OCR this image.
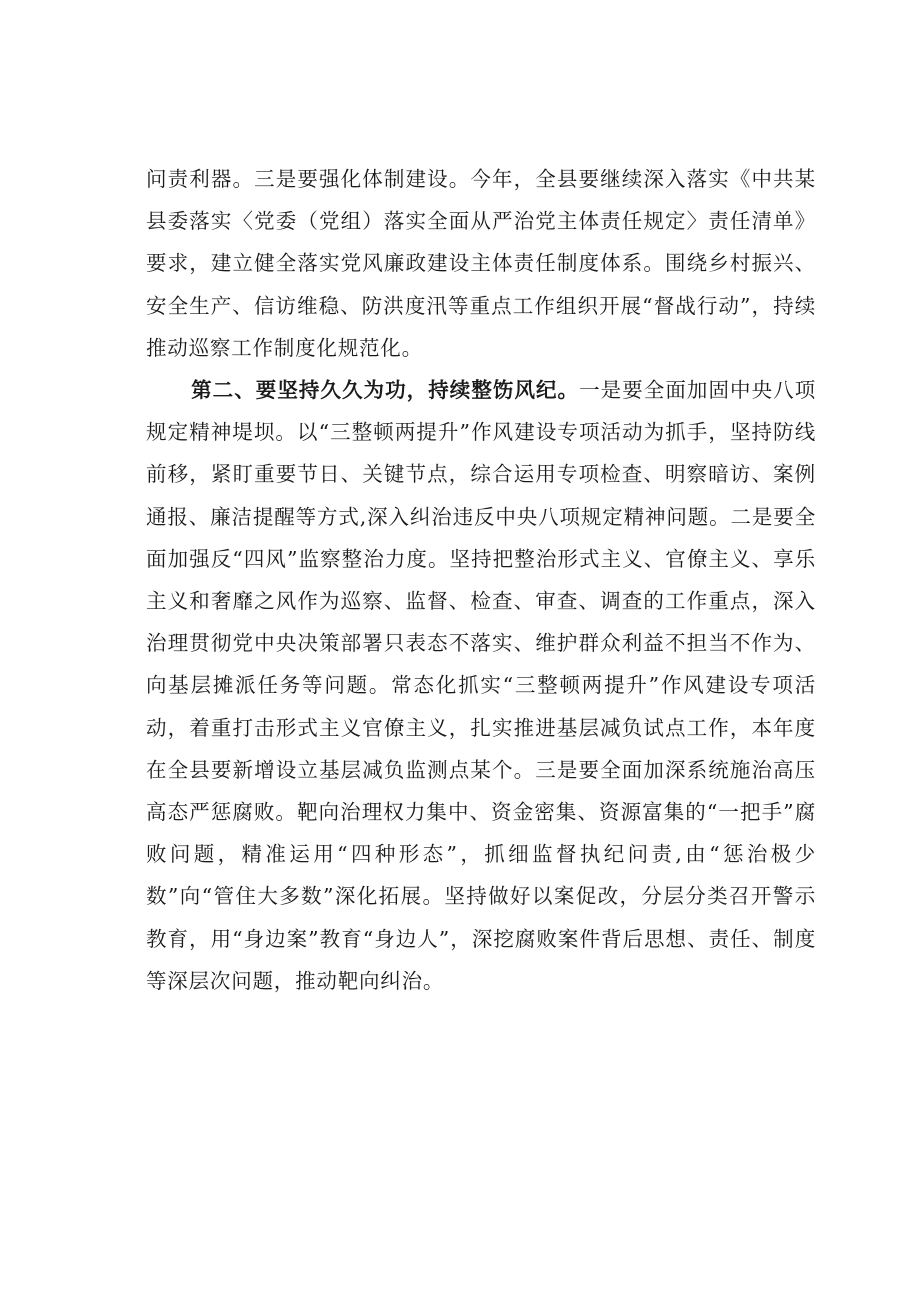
问责利器。三是要强化体制建设。今年，全县要继续深入落实《中共某县委落实〈党委（党组）落实全面从严治党主体责任规定〉责任清单》要求，建立健全落实党风廉政建设主体责任制度体系。围绕乡村振兴、安全生产、信访维稳、防洪度汛等重点工作组织开展“督战行动”，持续推动巡察工作制度化规范化。

第二、要坚持久久为功，持续整饬风纪。一是要全面加固中央八项规定精神堤坝。以“三整顿两提升”作风建设专项活动为抓手，坚持防线前移，紧盯重要节日、关键节点，综合运用专项检查、明察暗访、案例通报、廉洁提醒等方式,深入纠治违反中央八项规定精神问题。二是要全面加强反“四风”监察整治力度。坚持把整治形式主义、官僚主义、享乐主义和奢靡之风作为巡察、监督、检查、审查、调查的工作重点，深入治理贯彻党中央决策部署只表态不落实、维护群众利益不担当不作为、向基层摊派任务等问题。常态化抓实“三整顿两提升”作风建设专项活动，着重打击形式主义官僚主义，扎实推进基层减负试点工作，本年度在全县要新增设立基层减负监测点某个。三是要全面加深系统施治高压高态严惩腐败。靶向治理权力集中、资金密集、资源富集的“一把手”腐败问题，精准运用“四种形态”，抓细监督执纪问责,由“惩治极少数”向“管住大多数”深化拓展。坚持做好以案促改，分层分类召开警示教育，用“身边案”教育“身边人”，深挖腐败案件背后思想、责任、制度等深层次问题，推动靶向纠治。
